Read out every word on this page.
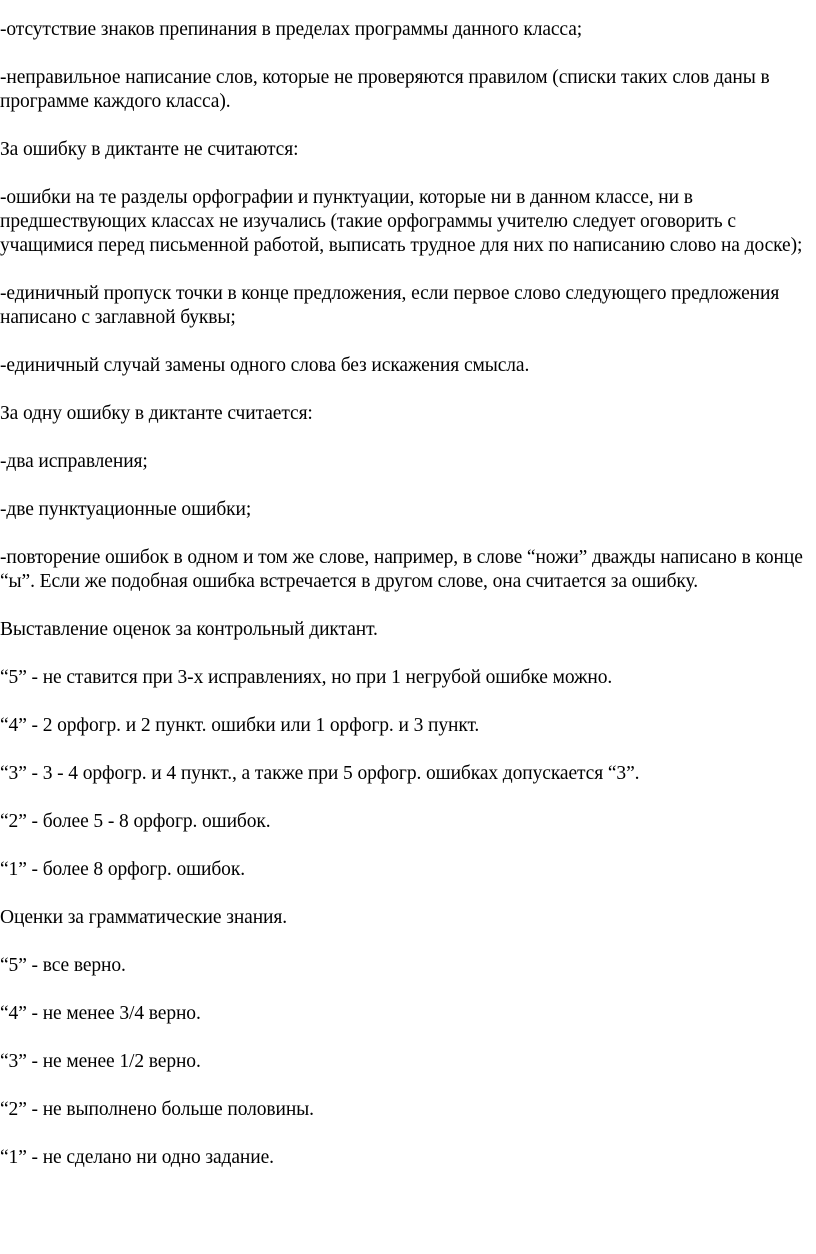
-отсутствие знаков препинания в пределах программы данного класса;

-неправильное написание слов, которые не проверяются правилом (списки таких слов даны в программе каждого класса).

За ошибку в диктанте не считаются:

-ошибки на те разделы орфографии и пунктуации, которые ни в данном классе, ни в предшествующих классах не изучались (такие орфограммы учителю следует оговорить с учащимися перед письменной работой, выписать трудное для них по написанию слово на доске);

-единичный пропуск точки в конце предложения, если первое слово следующего предложения написано с заглавной буквы;

-единичный случай замены одного слова без искажения смысла.

За одну ошибку в диктанте считается:

-два исправления;

-две пунктуационные ошибки;

-повторение ошибок в одном и том же слове, например, в слове “ножи” дважды написано в конце “ы”. Если же подобная ошибка встречается в другом слове, она считается за ошибку.

Выставление оценок за контрольный диктант.

“5” - не ставится при 3-х исправлениях, но при 1 негрубой ошибке можно.

“4” - 2 орфогр. и 2 пункт. ошибки или 1 орфогр. и 3 пункт.

“3” - 3 - 4 орфогр. и 4 пункт., а также при 5 орфогр. ошибках допускается “3”.

“2” - более 5 - 8 орфогр. ошибок.

“1” - более 8 орфогр. ошибок.

Оценки за грамматические знания.

“5” - все верно.

“4” - не менее 3/4 верно.

“3” - не менее 1/2 верно.

“2” - не выполнено больше половины.

“1” - не сделано ни одно задание.
